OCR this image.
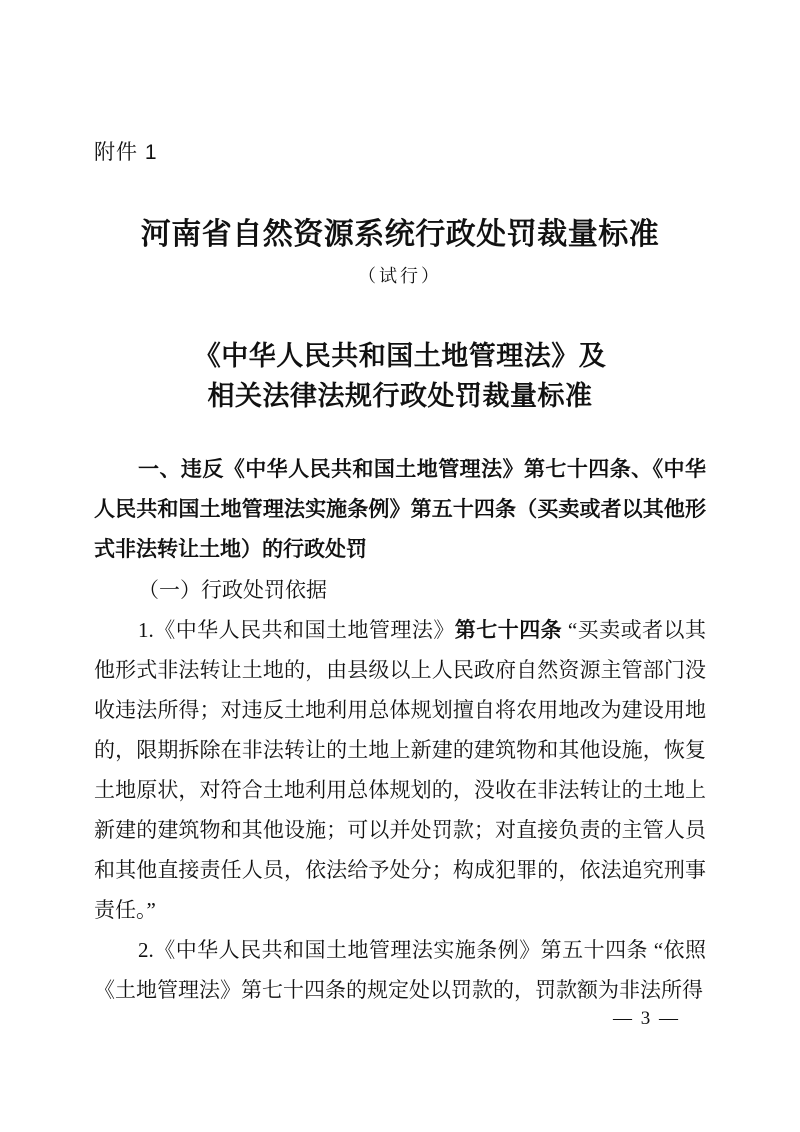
附件 1
河南省自然资源系统行政处罚裁量标准
（试行）
《中华人民共和国土地管理法》及
相关法律法规行政处罚裁量标准

一、违反《中华人民共和国土地管理法》第七十四条、《中华人民共和国土地管理法实施条例》第五十四条（买卖或者以其他形式非法转让土地）的行政处罚

（一）行政处罚依据

1.《中华人民共和国土地管理法》第七十四条 “买卖或者以其他形式非法转让土地的，由县级以上人民政府自然资源主管部门没收违法所得；对违反土地利用总体规划擅自将农用地改为建设用地的，限期拆除在非法转让的土地上新建的建筑物和其他设施，恢复土地原状，对符合土地利用总体规划的，没收在非法转让的土地上新建的建筑物和其他设施；可以并处罚款；对直接负责的主管人员和其他直接责任人员，依法给予处分；构成犯罪的，依法追究刑事责任。”

2.《中华人民共和国土地管理法实施条例》第五十四条 “依照《土地管理法》第七十四条的规定处以罚款的，罚款额为非法所得

— 3 —
